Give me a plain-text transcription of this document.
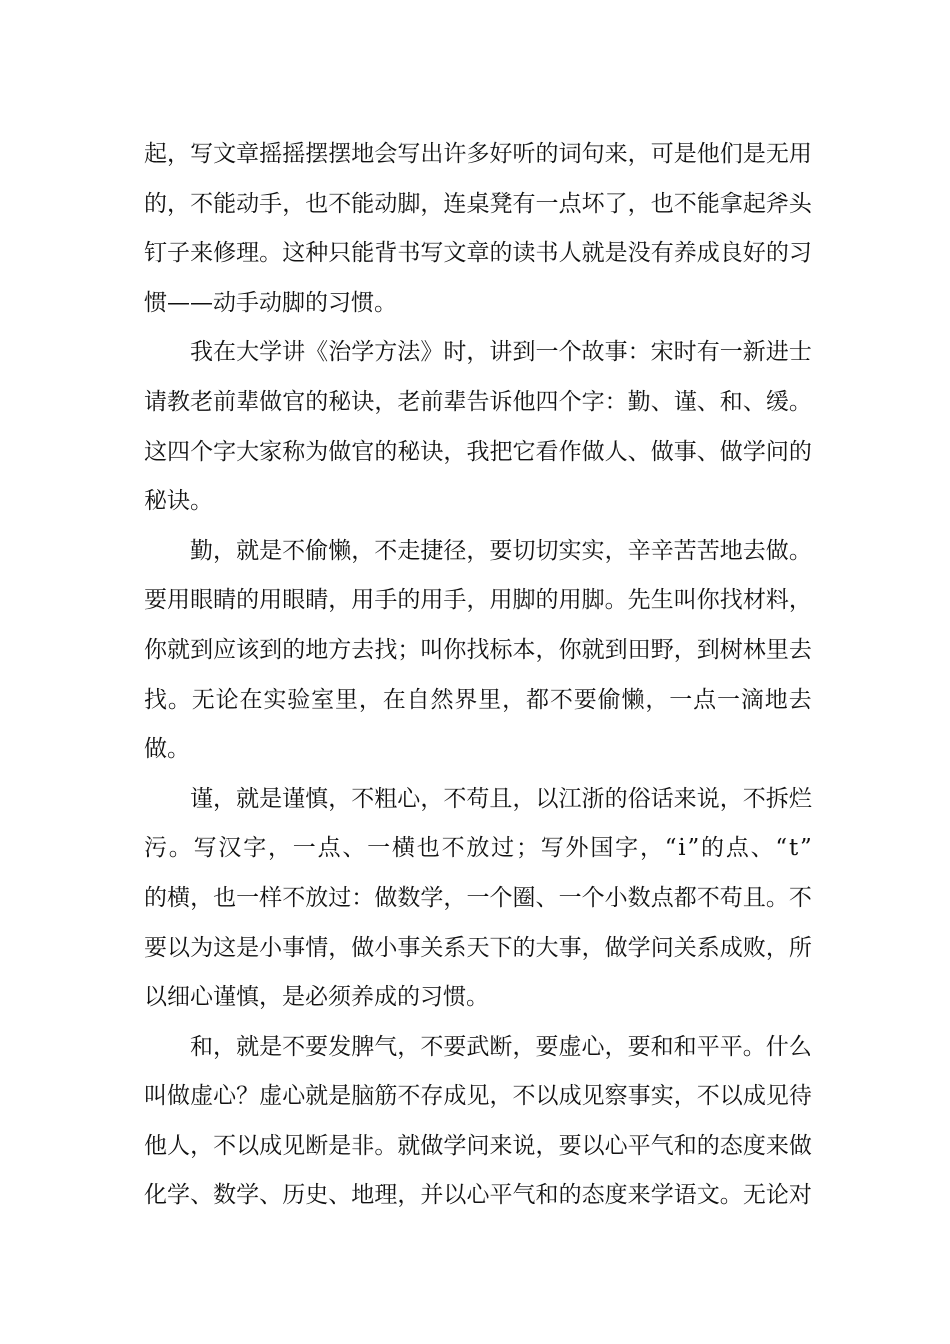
起 ， 写 文 章 摇 摇 摆 摆 地 会 写 出 许 多 好 听 的 词 句 来 ， 可 是 他 们 是 无 用
的 ， 不 能 动 手 ， 也 不 能 动 脚 ， 连 桌 凳 有 一 点 坏 了 ， 也 不 能 拿 起 斧 头
钉 子 来 修 理 。 这 种 只 能 背 书 写 文 章 的 读 书 人 就 是 没 有 养 成 良 好 的 习
惯——动手动脚的习惯。
我 在 大 学 讲 《 治 学 方 法 》 时 ， 讲 到 一 个 故 事 ： 宋 时 有 一 新 进 士
请 教 老 前 辈 做 官 的 秘 诀 ， 老 前 辈 告 诉 他 四 个 字 ： 勤 、 谨 、 和 、 缓 。
这 四 个 字 大 家 称 为 做 官 的 秘 诀 ， 我 把 它 看 作 做 人 、 做 事 、 做 学 问 的
秘诀。
勤 ， 就 是 不 偷 懒 ， 不 走 捷 径 ， 要 切 切 实 实 ， 辛 辛 苦 苦 地 去 做 。
要 用 眼 睛 的 用 眼 睛 ， 用 手 的 用 手 ， 用 脚 的 用 脚 。 先 生 叫 你 找 材 料 ，
你 就 到 应 该 到 的 地 方 去 找 ； 叫 你 找 标 本 ， 你 就 到 田 野 ， 到 树 林 里 去
找 。 无 论 在 实 验 室 里 ， 在 自 然 界 里 ， 都 不 要 偷 懒 ， 一 点 一 滴 地 去
做。
谨 ， 就 是 谨 慎 ， 不 粗 心 ， 不 苟 且 ， 以 江 浙 的 俗 话 来 说 ， 不 拆 烂
污 。 写 汉 字 ， 一 点 、 一 横 也 不 放 过 ； 写 外 国 字 ， “ i ” 的 点 、 “ t ”
的 横 ， 也 一 样 不 放 过 ： 做 数 学 ， 一 个 圈 、 一 个 小 数 点 都 不 苟 且 。 不
要 以 为 这 是 小 事 情 ， 做 小 事 关 系 天 下 的 大 事 ， 做 学 问 关 系 成 败 ， 所
以细心谨慎，是必须养成的习惯。
和 ， 就 是 不 要 发 脾 气 ， 不 要 武 断 ， 要 虚 心 ， 要 和 和 平 平 。 什 么
叫 做 虚 心 ？ 虚 心 就 是 脑 筋 不 存 成 见 ， 不 以 成 见 察 事 实 ， 不 以 成 见 待
他 人 ， 不 以 成 见 断 是 非 。 就 做 学 问 来 说 ， 要 以 心 平 气 和 的 态 度 来 做
化 学 、 数 学 、 历 史 、 地 理 ， 并 以 心 平 气 和 的 态 度 来 学 语 文 。 无 论 对
